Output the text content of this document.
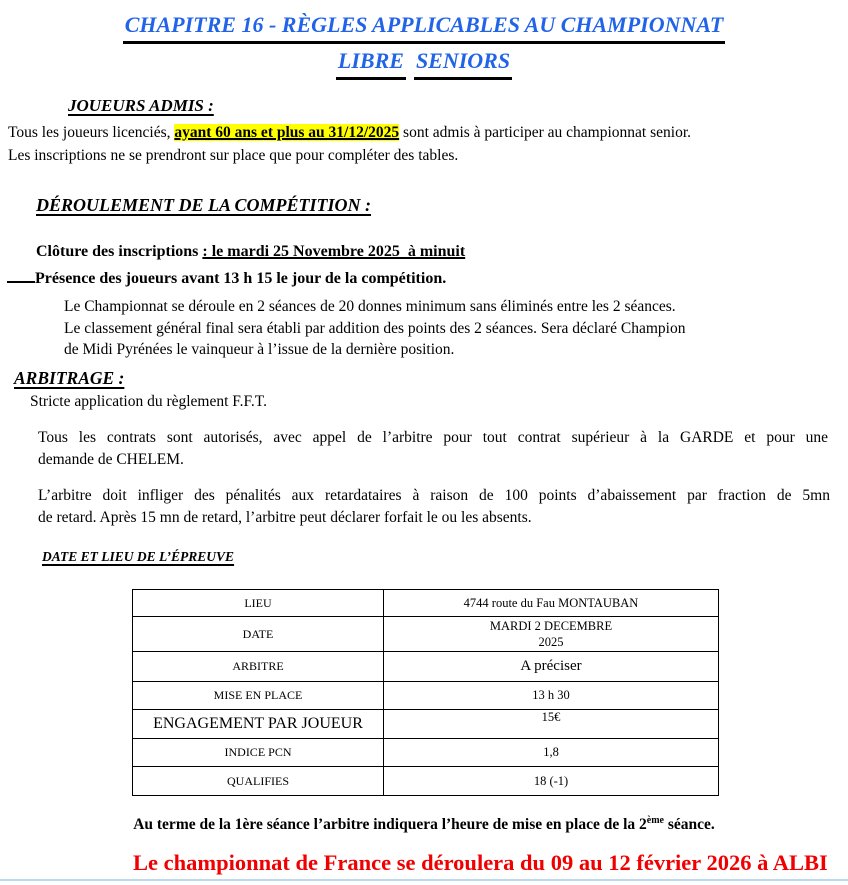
CHAPITRE 16 - RÈGLES APPLICABLES AU CHAMPIONNAT
LIBRE SENIORS
JOUEURS ADMIS :
Tous les joueurs licenciés, ayant 60 ans et plus au 31/12/2025 sont admis à participer au championnat senior.
Les inscriptions ne se prendront sur place que pour compléter des tables.
DÉROULEMENT DE LA COMPÉTITION :
Clôture des inscriptions : le mardi 25 Novembre 2025  à minuit
Présence des joueurs avant 13 h 15 le jour de la compétition.
Le Championnat se déroule en 2 séances de 20 donnes minimum sans éliminés entre les 2 séances.
Le classement général final sera établi par addition des points des 2 séances. Sera déclaré Champion
de Midi Pyrénées le vainqueur à l’issue de la dernière position.
ARBITRAGE :
Stricte application du règlement F.F.T.
Tous les contrats sont autorisés, avec appel de l’arbitre pour tout contrat supérieur à la GARDE et pour une
demande de CHELEM.
L’arbitre doit infliger des pénalités aux retardataires à raison de 100 points d’abaissement par fraction de 5mn
de retard. Après 15 mn de retard, l’arbitre peut déclarer forfait le ou les absents.
DATE ET LIEU DE L’ÉPREUVE
LIEU	4744 route du Fau MONTAUBAN
DATE	MARDI 2 DECEMBRE
2025

ARBITRE	A préciser
MISE EN PLACE	13 h 30
ENGAGEMENT PAR JOUEUR	15€
INDICE PCN	1,8
QUALIFIES	18 (-1)
Au terme de la 1ère séance l’arbitre indiquera l’heure de mise en place de la 2ème séance.
Le championnat de France se déroulera du 09 au 12 février 2026 à ALBI
